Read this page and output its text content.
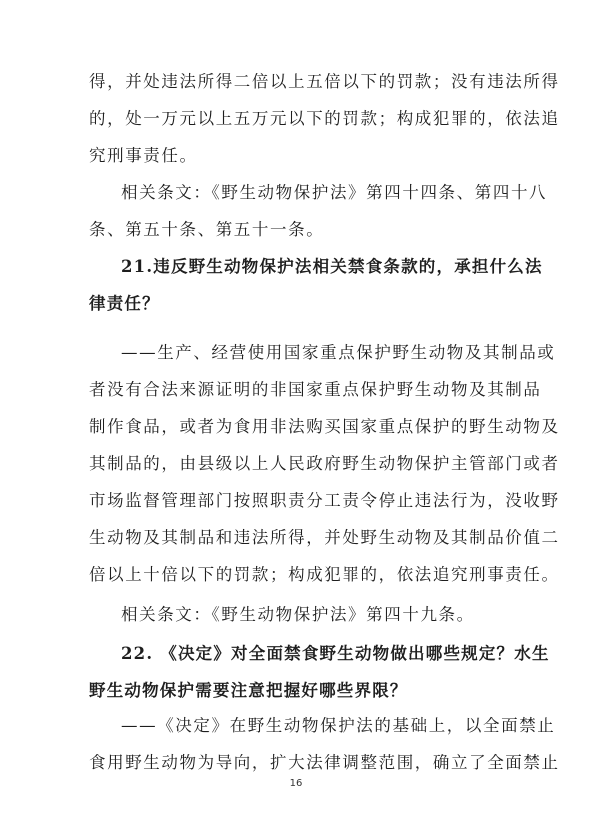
得，并处违法所得二倍以上五倍以下的罚款；没有违法所得
的，处一万元以上五万元以下的罚款；构成犯罪的，依法追
究刑事责任。
相关条文：《野生动物保护法》第四十四条、第四十八
条、第五十条、第五十一条。
21.违反野生动物保护法相关禁食条款的，承担什么法
律责任？
——生产、经营使用国家重点保护野生动物及其制品或
者没有合法来源证明的非国家重点保护野生动物及其制品
制作食品，或者为食用非法购买国家重点保护的野生动物及
其制品的，由县级以上人民政府野生动物保护主管部门或者
市场监督管理部门按照职责分工责令停止违法行为，没收野
生动物及其制品和违法所得，并处野生动物及其制品价值二
倍以上十倍以下的罚款；构成犯罪的，依法追究刑事责任。
相关条文：《野生动物保护法》第四十九条。
22. 《决定》对全面禁食野生动物做出哪些规定？水生
野生动物保护需要注意把握好哪些界限？
——《决定》在野生动物保护法的基础上，以全面禁止
食用野生动物为导向，扩大法律调整范围，确立了全面禁止
16
